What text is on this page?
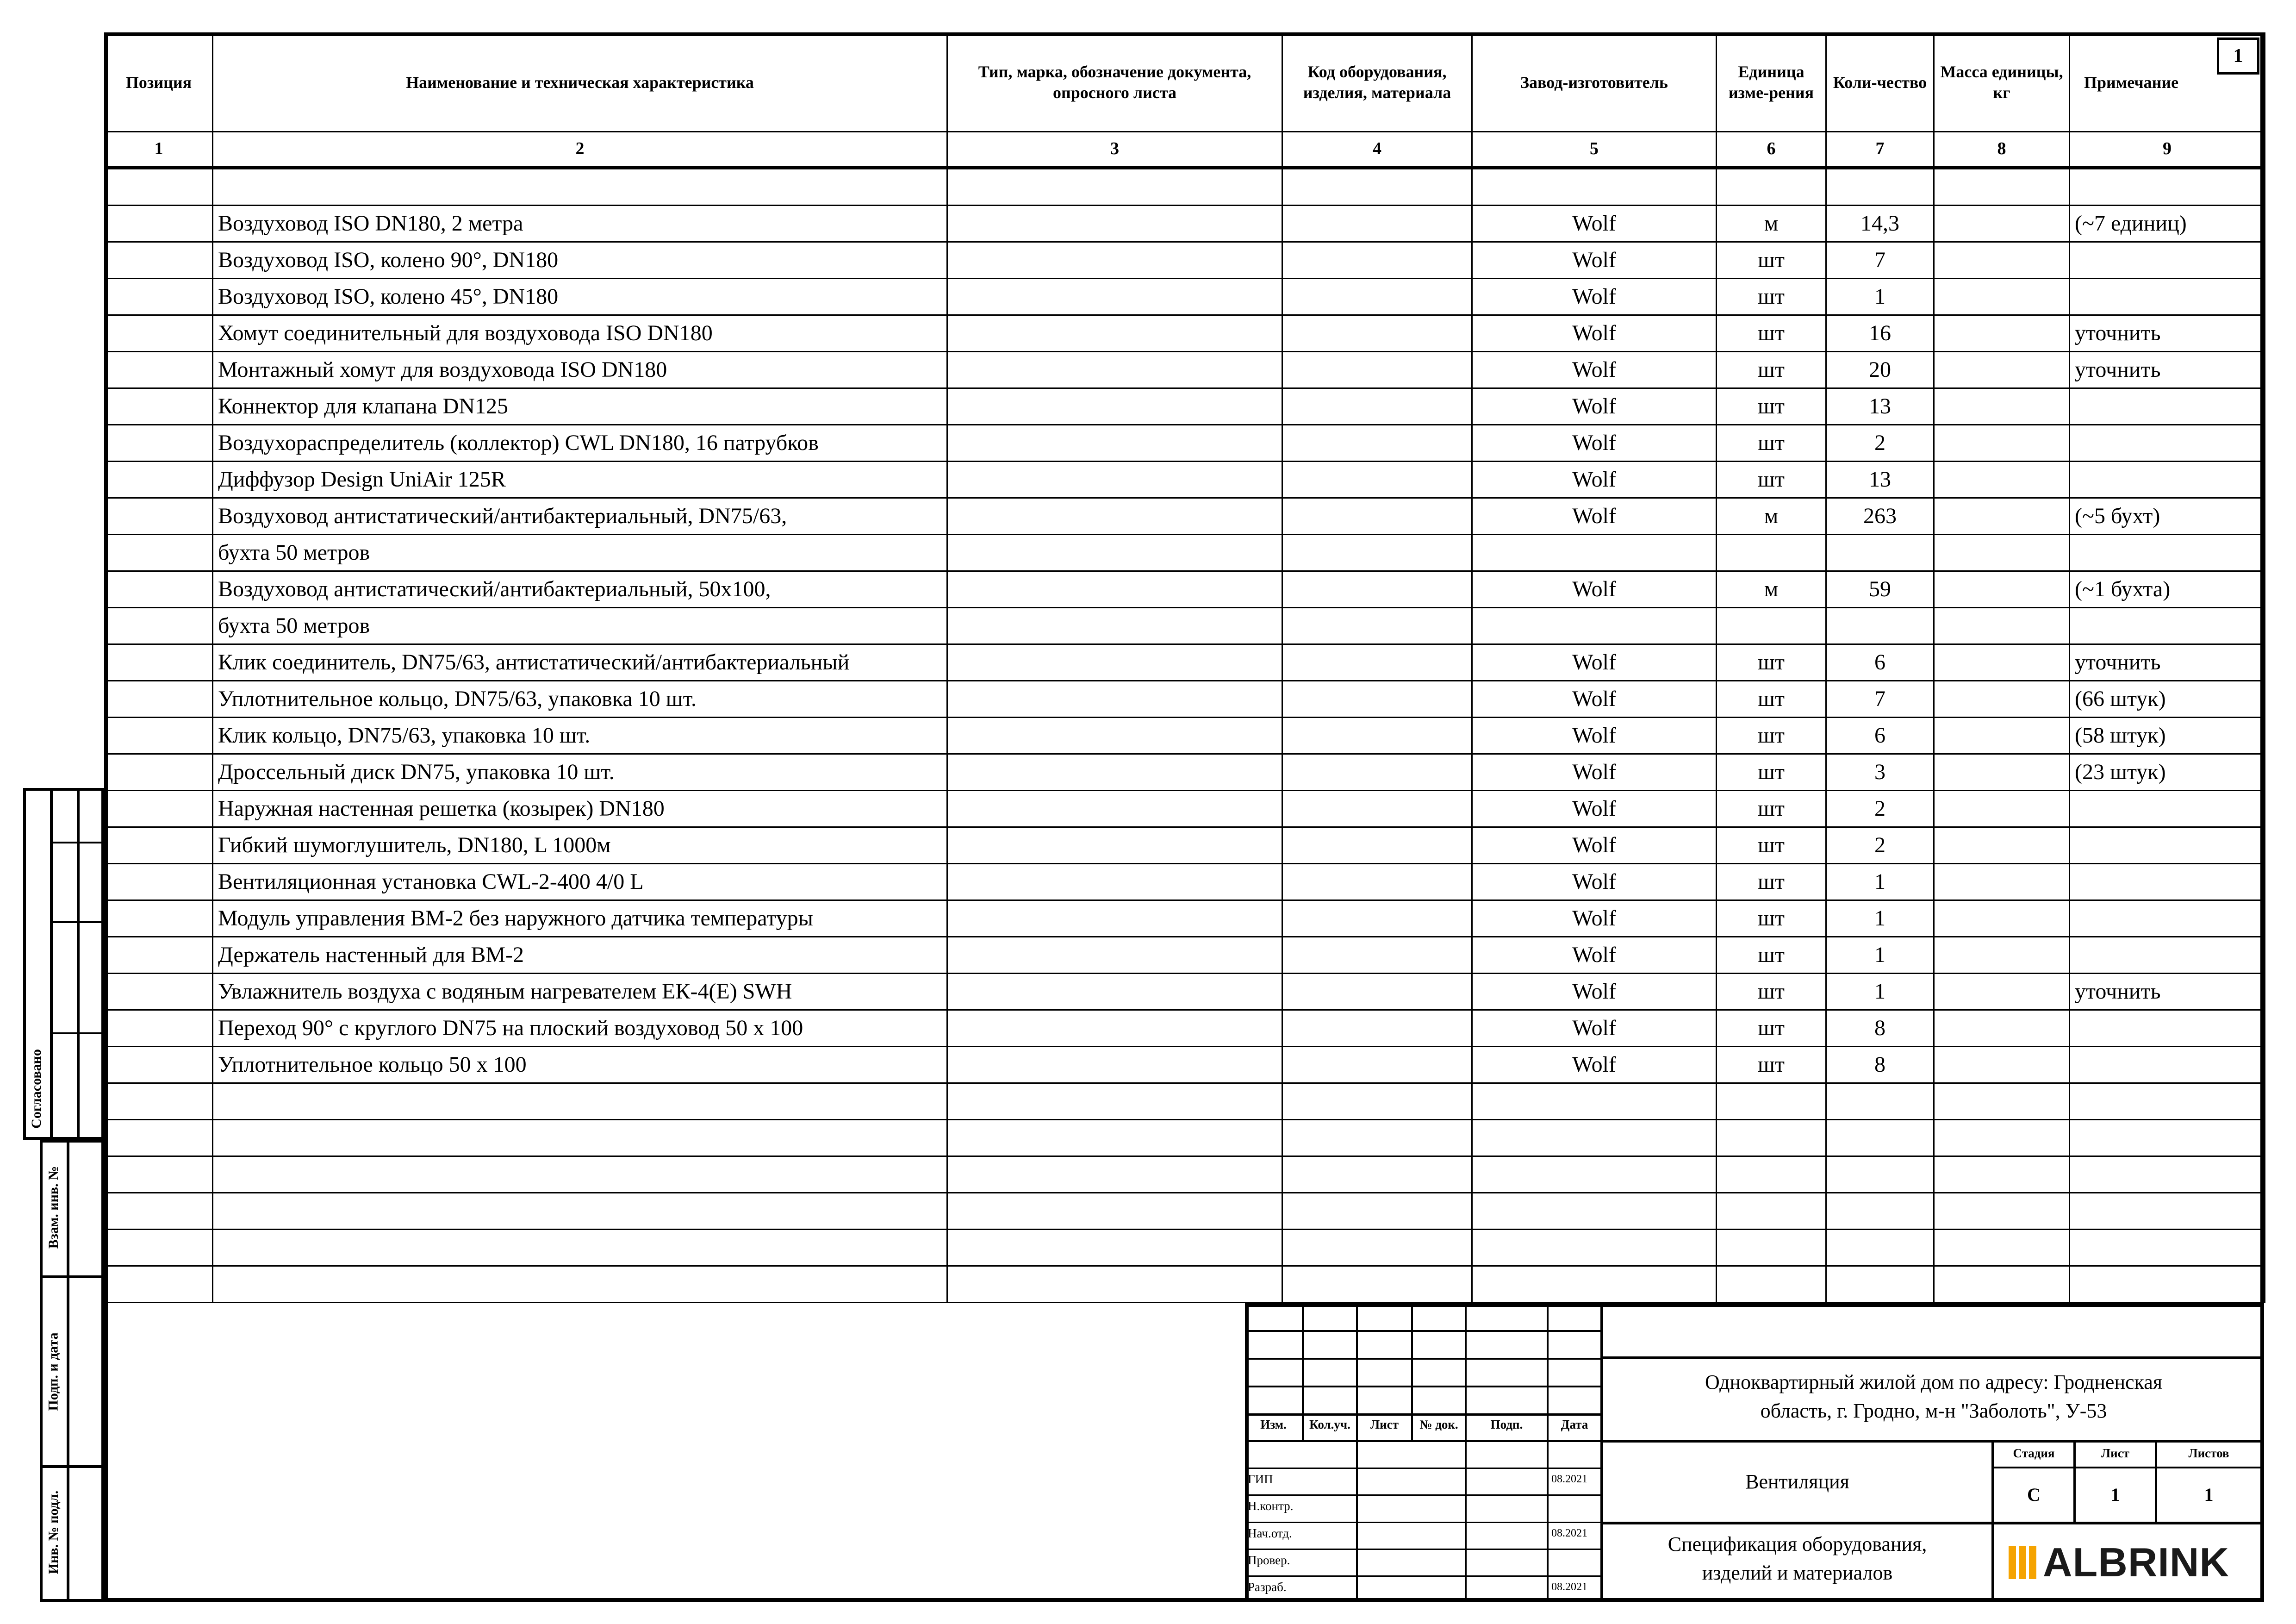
Позиция	Наименование и техническая характеристика	Тип, марка, обозначение документа, опросного листа	Код оборудования, изделия, материала	Завод-изготовитель	Единица изме-рения	Коли-чество	Масса единицы, кг	Примечание
1

1	2	3	4	5	6	7	8	9

	Воздуховод ISO DN180, 2 метра			Wolf	м	14,3		(~7 единиц)
	Воздуховод ISO, колено 90°, DN180			Wolf	шт	7		
	Воздуховод ISO, колено 45°, DN180			Wolf	шт	1		
	Хомут соединительный для воздуховода ISO DN180			Wolf	шт	16		уточнить
	Монтажный хомут для воздуховода ISO DN180			Wolf	шт	20		уточнить
	Коннектор для клапана DN125			Wolf	шт	13		
	Воздухораспределитель (коллектор) CWL DN180, 16 патрубков			Wolf	шт	2		
	Диффузор Design UniAir 125R			Wolf	шт	13		
	Воздуховод антистатический/антибактериальный, DN75/63,			Wolf	м	263		(~5 бухт)
	бухта 50 метров							
	Воздуховод антистатический/антибактериальный, 50x100,			Wolf	м	59		(~1 бухта)
	бухта 50 метров							
	Клик соединитель, DN75/63, антистатический/антибактериальный			Wolf	шт	6		уточнить
	Уплотнительное кольцо, DN75/63, упаковка 10 шт.			Wolf	шт	7		(66 штук)
	Клик кольцо, DN75/63, упаковка 10 шт.			Wolf	шт	6		(58 штук)
	Дроссельный диск DN75, упаковка 10 шт.			Wolf	шт	3		(23 штук)
	Наружная настенная решетка (козырек) DN180			Wolf	шт	2		
	Гибкий шумоглушитель, DN180, L 1000м			Wolf	шт	2		
	Вентиляционная установка CWL-2-400 4/0 L			Wolf	шт	1		
	Модуль управления ВМ-2 без наружного датчика температуры			Wolf	шт	1		
	Держатель настенный для ВМ-2			Wolf	шт	1		
	Увлажнитель воздуха с водяным нагревателем ЕК-4(Е) SWH			Wolf	шт	1		уточнить
	Переход 90° с круглого DN75 на плоский воздуховод 50 х 100			Wolf	шт	8		
	Уплотнительное кольцо 50 х 100			Wolf	шт	8		

Согласовано
Взам. инв. №
Подп. и дата
Инв. № подл.
Изм.	Кол.уч.	Лист	№ док.	Подп.	Дата
ГИП	08.2021
Н.контр.
Нач.отд.	08.2021
Провер.
Разраб.	08.2021
Одноквартирный жилой дом по адресу: Гродненская
область, г. Гродно, м-н "Заболоть", У-53
Вентиляция
Спецификация оборудования,
изделий и материалов
Стадия	Лист	Листов
С	1	1
ALBRINK
